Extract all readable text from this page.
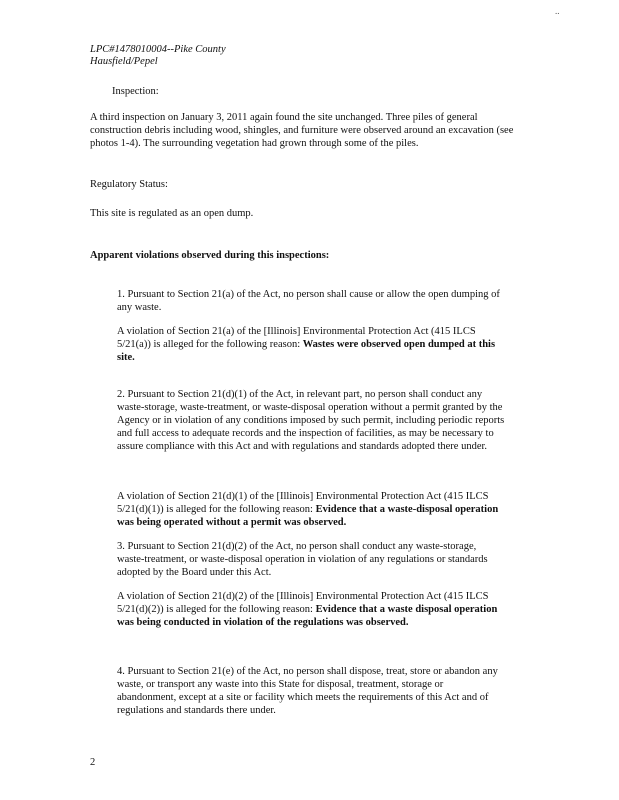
..
LPC#1478010004--Pike County
Hausfield/Pepel
Inspection:
A third inspection on January 3, 2011 again found the site unchanged. Three piles of general construction debris including wood, shingles, and furniture were observed around an excavation (see photos 1-4). The surrounding vegetation had grown through some of the piles.
Regulatory Status:
This site is regulated as an open dump.
Apparent violations observed during this inspections:
1. Pursuant to Section 21(a) of the Act, no person shall cause or allow the open dumping of any waste.
A violation of Section 21(a) of the [Illinois] Environmental Protection Act (415 ILCS 5/21(a)) is alleged for the following reason: Wastes were observed open dumped at this site.
2. Pursuant to Section 21(d)(1) of the Act, in relevant part, no person shall conduct any waste-storage, waste-treatment, or waste-disposal operation without a permit granted by the Agency or in violation of any conditions imposed by such permit, including periodic reports and full access to adequate records and the inspection of facilities, as may be necessary to assure compliance with this Act and with regulations and standards adopted there under.
A violation of Section 21(d)(1) of the [Illinois] Environmental Protection Act (415 ILCS 5/21(d)(1)) is alleged for the following reason: Evidence that a waste-disposal operation was being operated without a permit was observed.
3. Pursuant to Section 21(d)(2) of the Act, no person shall conduct any waste-storage, waste-treatment, or waste-disposal operation in violation of any regulations or standards adopted by the Board under this Act.
A violation of Section 21(d)(2) of the [Illinois] Environmental Protection Act (415 ILCS 5/21(d)(2)) is alleged for the following reason: Evidence that a waste disposal operation was being conducted in violation of the regulations was observed.
4. Pursuant to Section 21(e) of the Act, no person shall dispose, treat, store or abandon any waste, or transport any waste into this State for disposal, treatment, storage or abandonment, except at a site or facility which meets the requirements of this Act and of regulations and standards there under.
2
